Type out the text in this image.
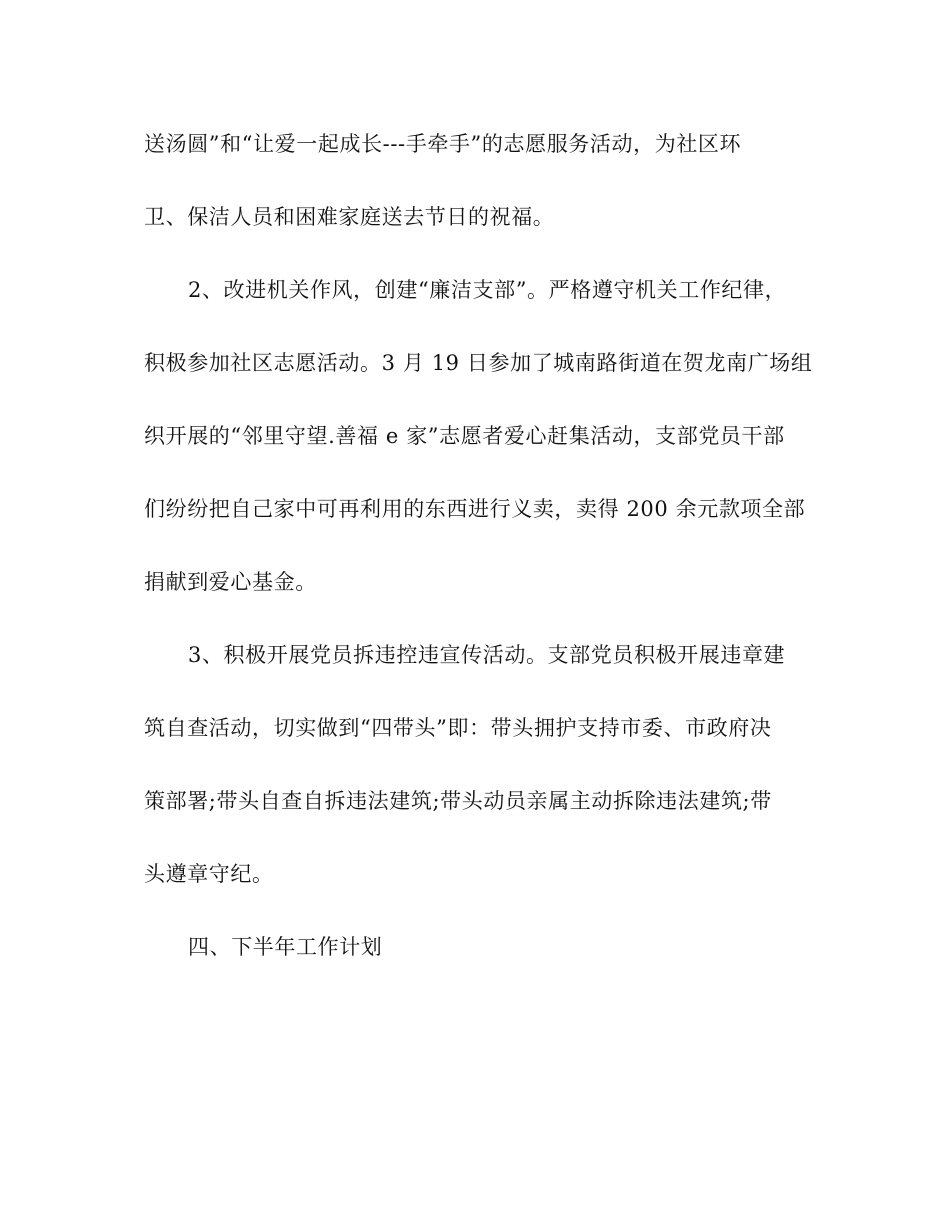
送汤圆”和“让爱一起成长---手牵手”的志愿服务活动，为社区环
卫、保洁人员和困难家庭送去节日的祝福。
2、改进机关作风，创建“廉洁支部”。严格遵守机关工作纪律，
积极参加社区志愿活动。3 月 19 日参加了城南路街道在贺龙南广场组
织开展的“邻里守望.善福 e 家”志愿者爱心赶集活动，支部党员干部
们纷纷把自己家中可再利用的东西进行义卖，卖得 200 余元款项全部
捐献到爱心基金。
3、积极开展党员拆违控违宣传活动。支部党员积极开展违章建
筑自查活动，切实做到“四带头”即：带头拥护支持市委、市政府决
策部署;带头自查自拆违法建筑;带头动员亲属主动拆除违法建筑;带
头遵章守纪。
四、下半年工作计划
